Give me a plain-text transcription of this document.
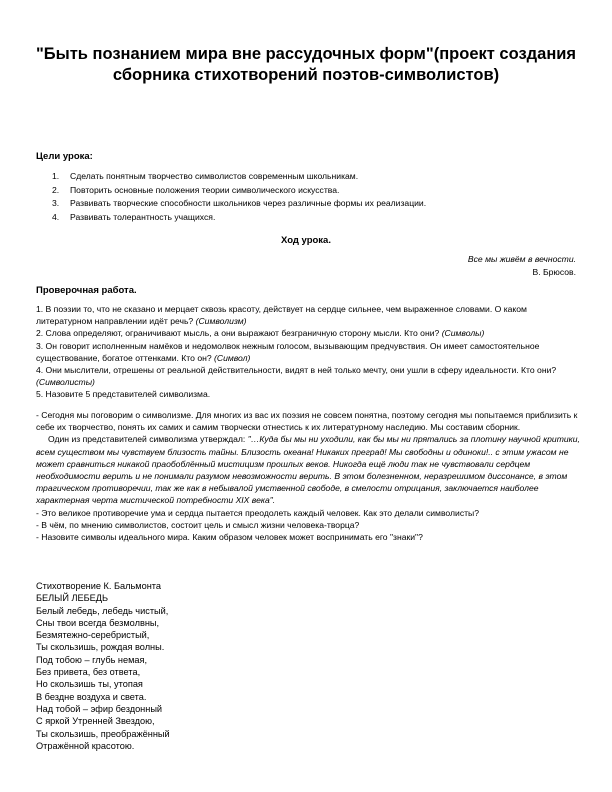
"Быть познанием мира вне рассудочных форм"(проект создания сборника стихотворений поэтов-символистов)
Цели урока:
1. Сделать понятным творчество символистов современным школьникам.
2. Повторить основные положения теории символического искусства.
3. Развивать творческие способности школьников через различные формы их реализации.
4. Развивать толерантность учащихся.
Ход урока.
Все мы живём в вечности.
В. Брюсов.
Проверочная работа.

1. В поэзии то, что не сказано и мерцает сквозь красоту, действует на сердце сильнее, чем выраженное словами. О каком литературном направлении идёт речь? (Символизм)

2. Слова определяют, ограничивают мысль, а они выражают безграничную сторону мысли. Кто они? (Символы)

3. Он говорит исполненным намёков и недомолвок нежным голосом, вызывающим предчувствия. Он имеет самостоятельное существование, богатое оттенками. Кто он? (Символ)

4. Они мыслители, отрешены от реальной действительности, видят в ней только мечту, они ушли в сферу идеальности. Кто они? (Символисты)

5. Назовите 5 представителей символизма.

- Сегодня мы поговорим о символизме. Для многих из вас их поэзия не совсем понятна, поэтому сегодня мы попытаемся приблизить к себе их творчество, понять их самих и самим творчески отнестись к их литературному наследию. Мы составим сборник.

Один из представителей символизма утверждал: "…Куда бы мы ни уходили, как бы мы ни прятались за плотину научной критики, всем существом мы чувствуем близость тайны. Близость океана! Никаких преград! Мы свободны и одиноки!.. с этим ужасом не может сравниться никакой праобоб​лённый мистицизм прошлых веков. Никогда ещё люди так не чувствовали сердцем необходимости верить и не понимали разумом невозможности верить. В этом болезненном, неразрешимом диссонансе, в этом трагическом противоречии, так же как в небывалой умственной свободе, в смелости отрицания, заключается наиболее характерная черта мистической потребности XIX века".

- Это великое противоречие ума и сердца пытается преодолеть каждый человек. Как это делали символисты?

- В чём, по мнению символистов, состоит цель и смысл жизни человека-творца?

- Назовите символы идеального мира. Каким образом человек может воспринимать его "знаки"?

Стихотворение К. Бальмонта
БЕЛЫЙ ЛЕБЕДЬ
Белый лебедь, лебедь чистый,
Сны твои всегда безмолвны,
Безмятежно-серебристый,
Ты скользишь, рождая волны.
Под тобою – глубь немая,
Без привета, без ответа,
Но скользишь ты, утопая
В бездне воздуха и света.
Над тобой – эфир бездонный
С яркой Утренней Звездою,
Ты скользишь, преображённый
Отражённой красотою.
